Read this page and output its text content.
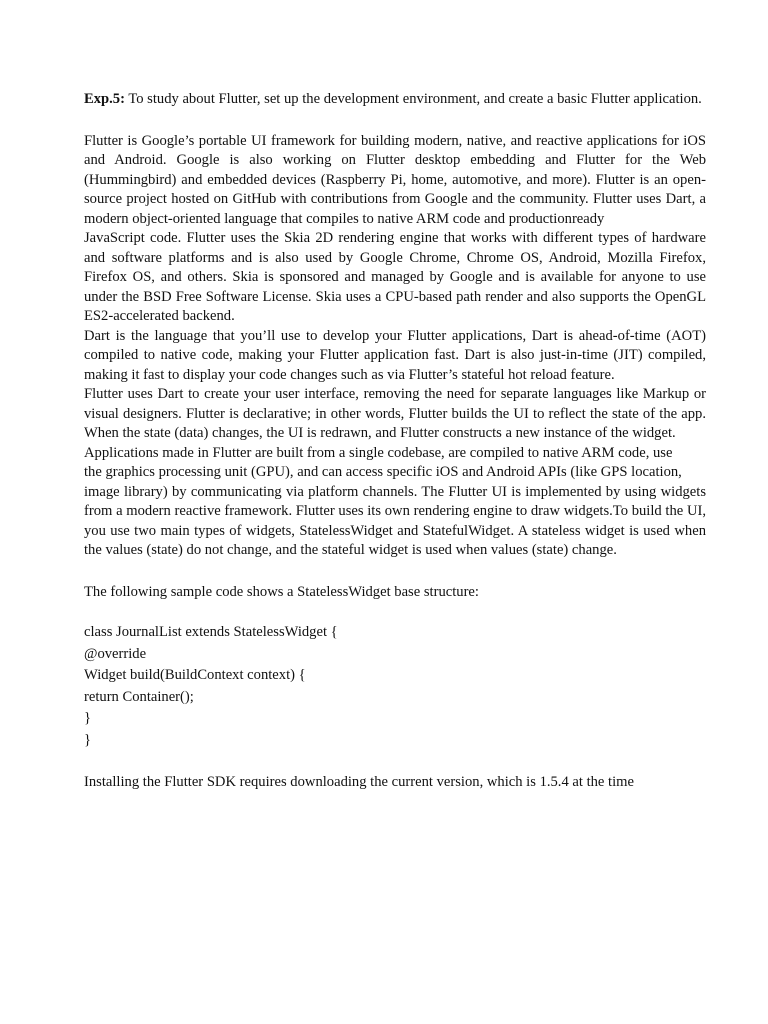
Exp.5: To study about Flutter, set up the development environment, and create a basic Flutter application.

Flutter is Google’s portable UI framework for building modern, native, and reactive applications for iOS and Android. Google is also working on Flutter desktop embedding and Flutter for the Web (Hummingbird) and embedded devices (Raspberry Pi, home, automotive, and more). Flutter is an open-source project hosted on GitHub with contributions from Google and the community. Flutter uses Dart, a modern object-oriented language that compiles to native ARM code and productionready

JavaScript code. Flutter uses the Skia 2D rendering engine that works with different types of hardware and software platforms and is also used by Google Chrome, Chrome OS, Android, Mozilla Firefox, Firefox OS, and others. Skia is sponsored and managed by Google and is available for anyone to use under the BSD Free Software License. Skia uses a CPU-based path render and also supports the OpenGL ES2-accelerated backend.

Dart is the language that you’ll use to develop your Flutter applications, Dart is ahead-of-time (AOT) compiled to native code, making your Flutter application fast. Dart is also just-in-time (JIT) compiled, making it fast to display your code changes such as via Flutter’s stateful hot reload feature.

Flutter uses Dart to create your user interface, removing the need for separate languages like Markup or visual designers. Flutter is declarative; in other words, Flutter builds the UI to reflect the state of the app. When the state (data) changes, the UI is redrawn, and Flutter constructs a new instance of the widget.

Applications made in Flutter are built from a single codebase, are compiled to native ARM code, use

the graphics processing unit (GPU), and can access specific iOS and Android APIs (like GPS location,

image library) by communicating via platform channels. The Flutter UI is implemented by using widgets from a modern reactive framework. Flutter uses its own rendering engine to draw widgets.To build the UI, you use two main types of widgets, StatelessWidget and StatefulWidget. A stateless widget is used when the values (state) do not change, and the stateful widget is used when values (state) change.

The following sample code shows a StatelessWidget base structure:

class JournalList extends StatelessWidget {
@override
Widget build(BuildContext context) {
return Container();
}
}

Installing the Flutter SDK requires downloading the current version, which is 1.5.4 at the time
